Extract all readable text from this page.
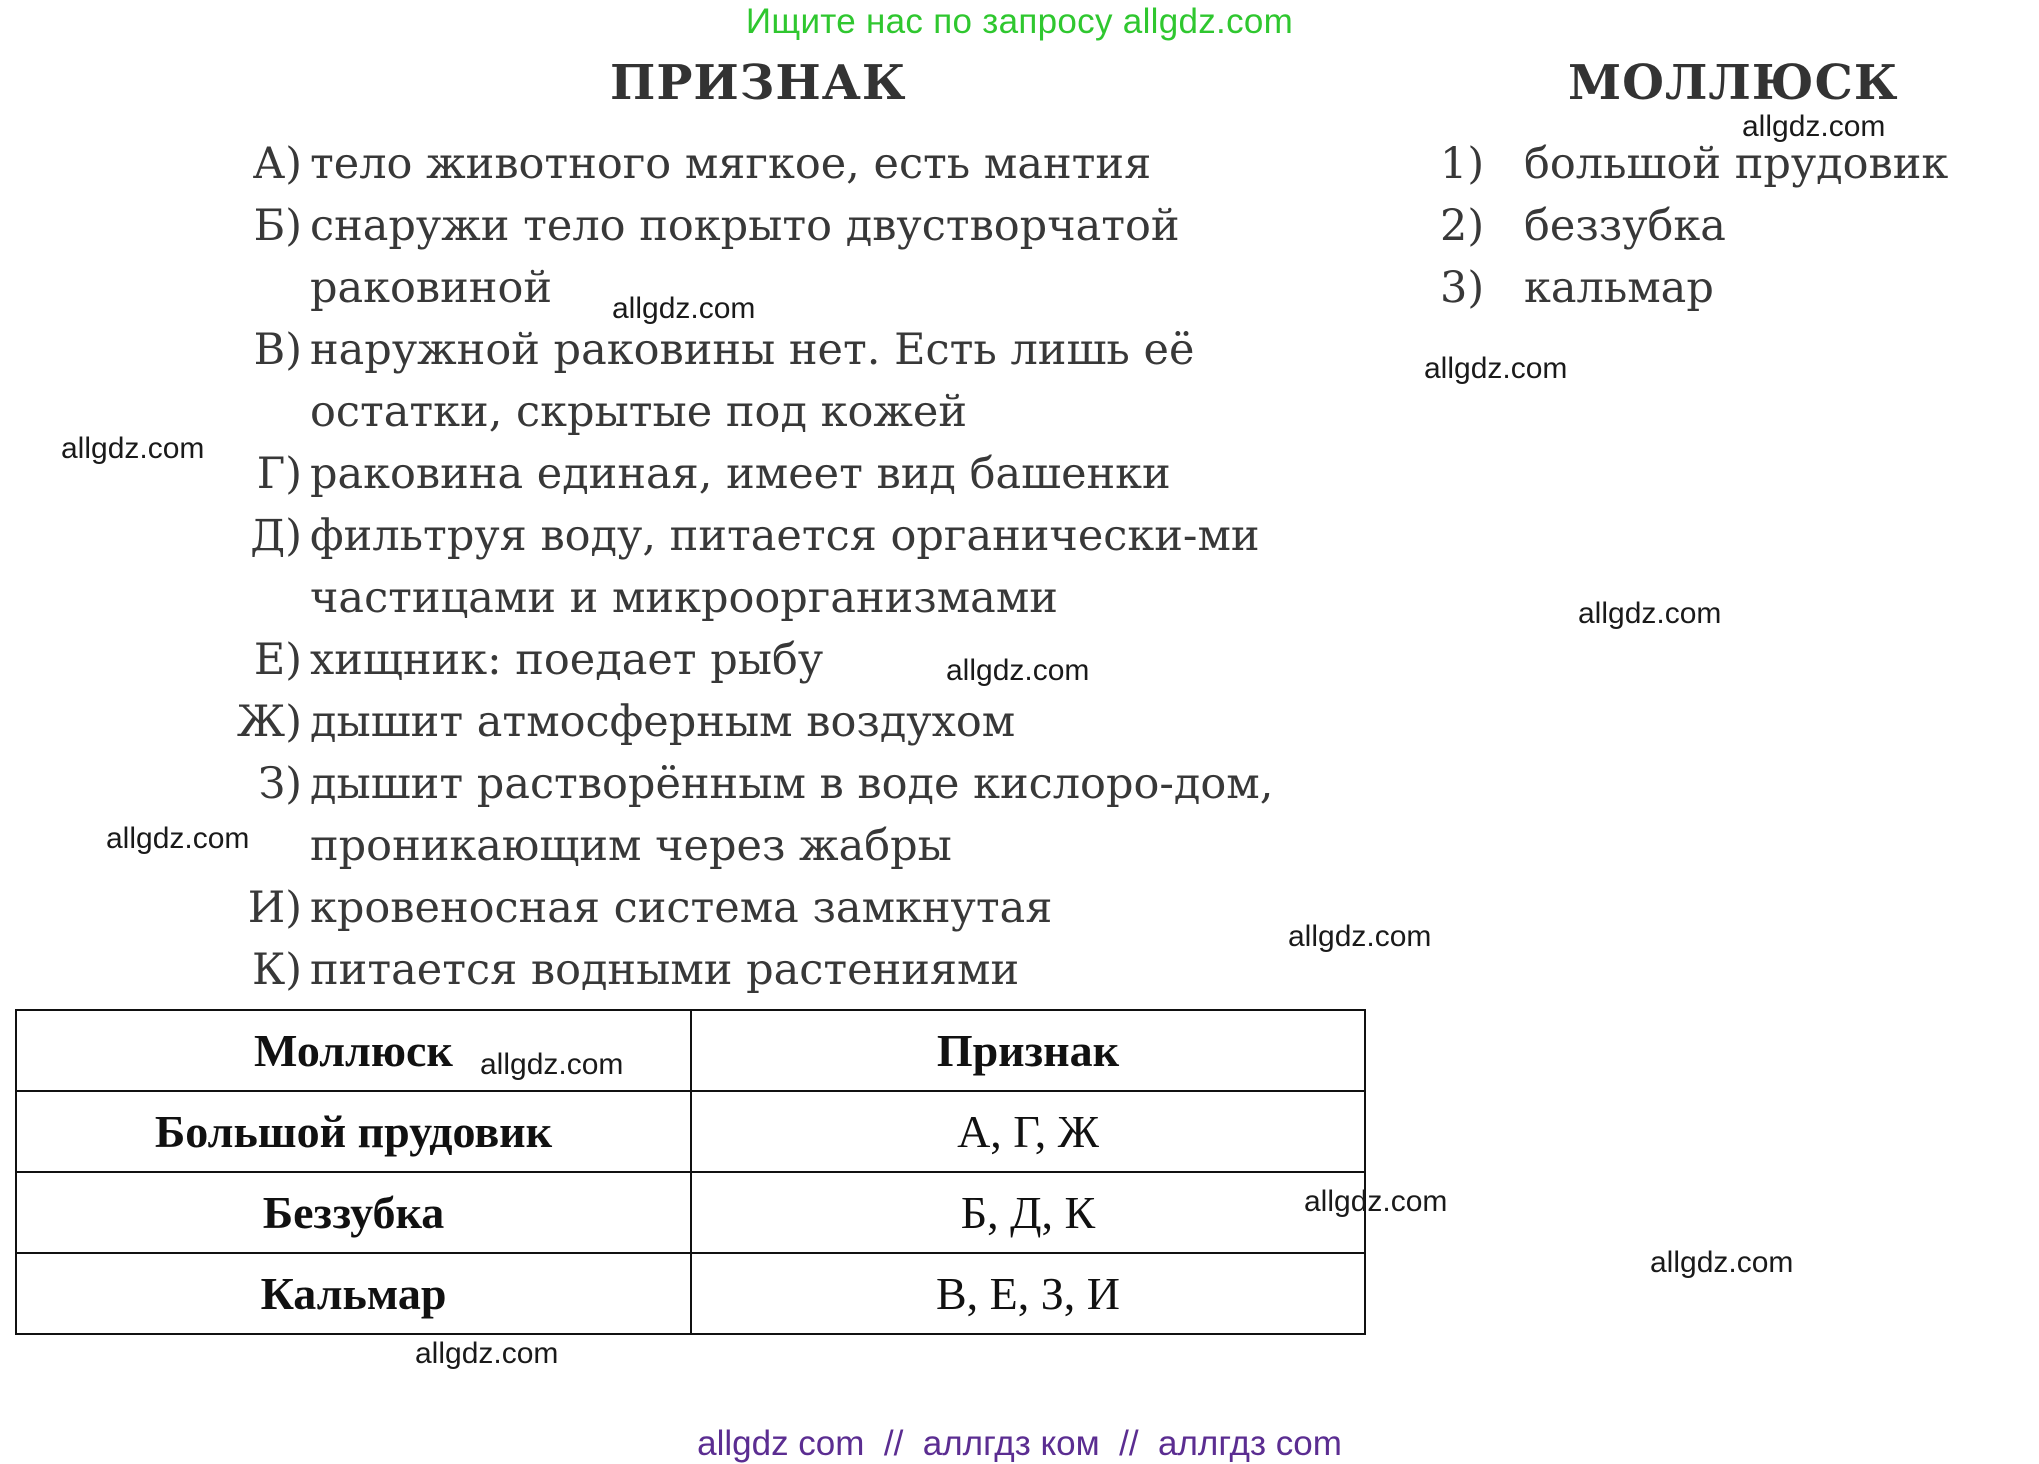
Ищите нас по запросу allgdz.com
ПРИЗНАК	МОЛЛЮСК
А) тело животного мягкое, есть мантия
Б) снаружи тело покрыто двустворчатой раковиной
В) наружной раковины нет. Есть лишь её остатки, скрытые под кожей
Г) раковина единая, имеет вид башенки
Д) фильтруя воду, питается органически-ми частицами и микроорганизмами
Е) хищник: поедает рыбу
Ж) дышит атмосферным воздухом
З) дышит растворённым в воде кислоро-дом, проникающим через жабры
И) кровеносная система замкнутая
К) питается водными растениями
1) большой прудовик
2) беззубка
3) кальмар
Моллюск	Признак
Большой прудовик	А, Г, Ж
Беззубка	Б, Д, К
Кальмар	В, Е, З, И
allgdz.com
allgdz.com
allgdz.com
allgdz.com
allgdz.com
allgdz.com
allgdz.com
allgdz.com
allgdz.com
allgdz.com
allgdz.com
allgdz.com
allgdz com  //  аллгдз ком  //  аллгдз com
